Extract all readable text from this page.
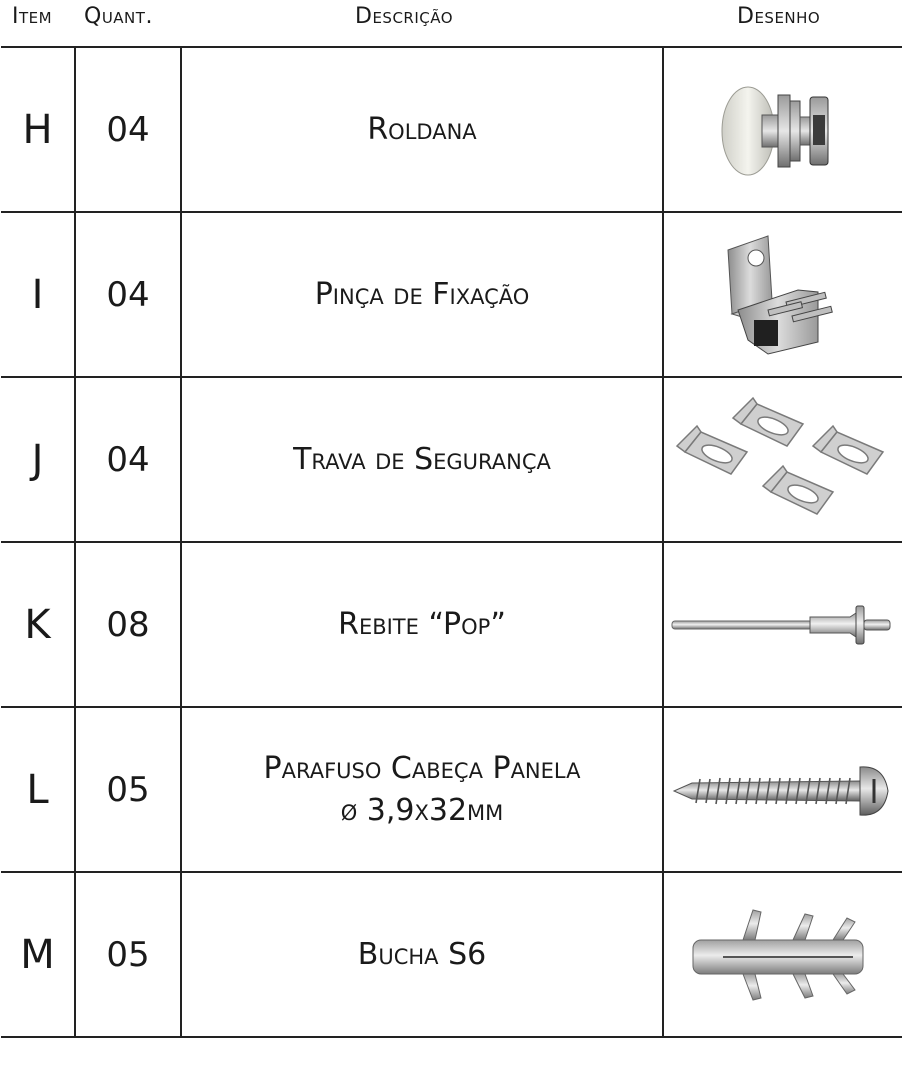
Item Quant.	Descrição	Desenho
H	04	Roldana

I	04	Pinça de Fixação

J	04	Trava de Segurança

K	08	Rebite “Pop”

L	05	Parafuso Cabeça Panela
ø 3,9x32mm

M	05	Bucha S6
